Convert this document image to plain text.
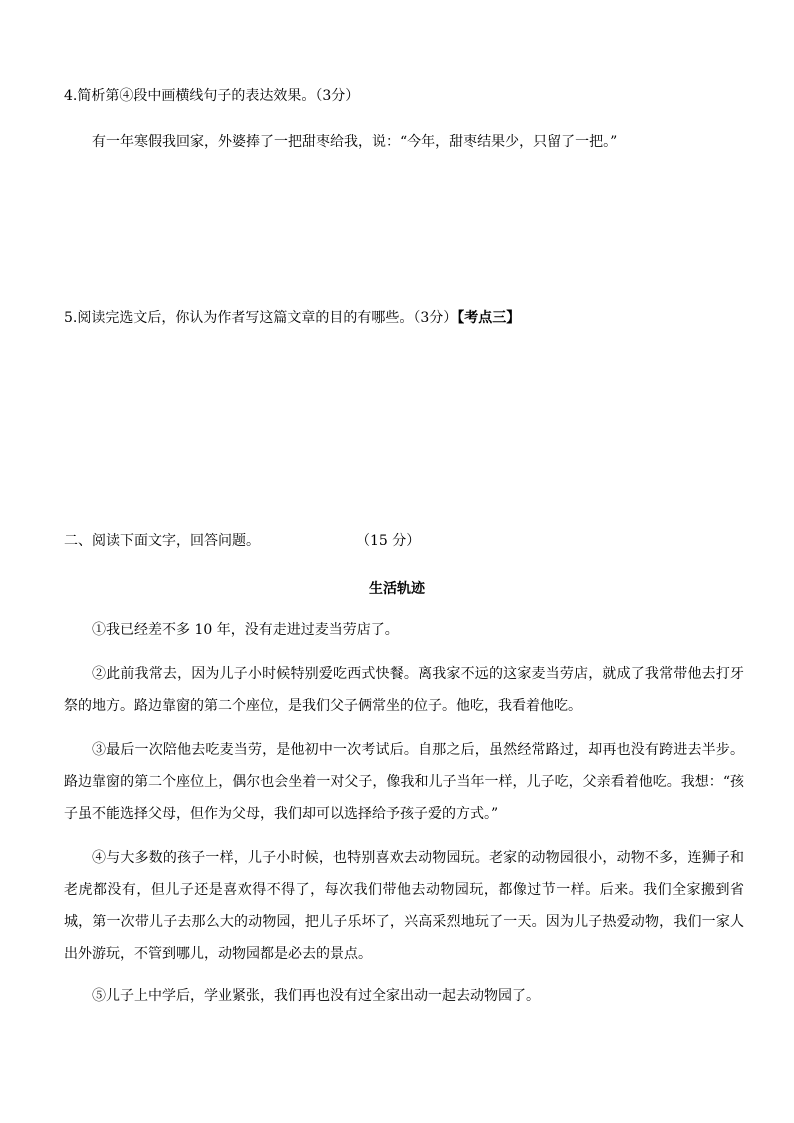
4.简析第④段中画横线句子的表达效果。（3分）
有一年寒假我回家，外婆捧了一把甜枣给我，说：“今年，甜枣结果少，只留了一把。”
5.阅读完选文后，你认为作者写这篇文章的目的有哪些。（3分）【考点三】
二、阅读下面文字，回答问题。	（15 分）
生活轨迹
①我已经差不多 10 年，没有走进过麦当劳店了。
②此前我常去，因为儿子小时候特别爱吃西式快餐。离我家不远的这家麦当劳店，就成了我常带他去打牙祭的地方。路边靠窗的第二个座位，是我们父子俩常坐的位子。他吃，我看着他吃。
③最后一次陪他去吃麦当劳，是他初中一次考试后。自那之后，虽然经常路过，却再也没有跨进去半步。路边靠窗的第二个座位上，偶尔也会坐着一对父子，像我和儿子当年一样，儿子吃，父亲看着他吃。我想：“孩子虽不能选择父母，但作为父母，我们却可以选择给予孩子爱的方式。”
④与大多数的孩子一样，儿子小时候，也特别喜欢去动物园玩。老家的动物园很小，动物不多，连狮子和老虎都没有，但儿子还是喜欢得不得了，每次我们带他去动物园玩，都像过节一样。后来。我们全家搬到省城，第一次带儿子去那么大的动物园，把儿子乐坏了，兴高采烈地玩了一天。因为儿子热爱动物，我们一家人出外游玩，不管到哪儿，动物园都是必去的景点。
⑤儿子上中学后，学业紧张，我们再也没有过全家出动一起去动物园了。
